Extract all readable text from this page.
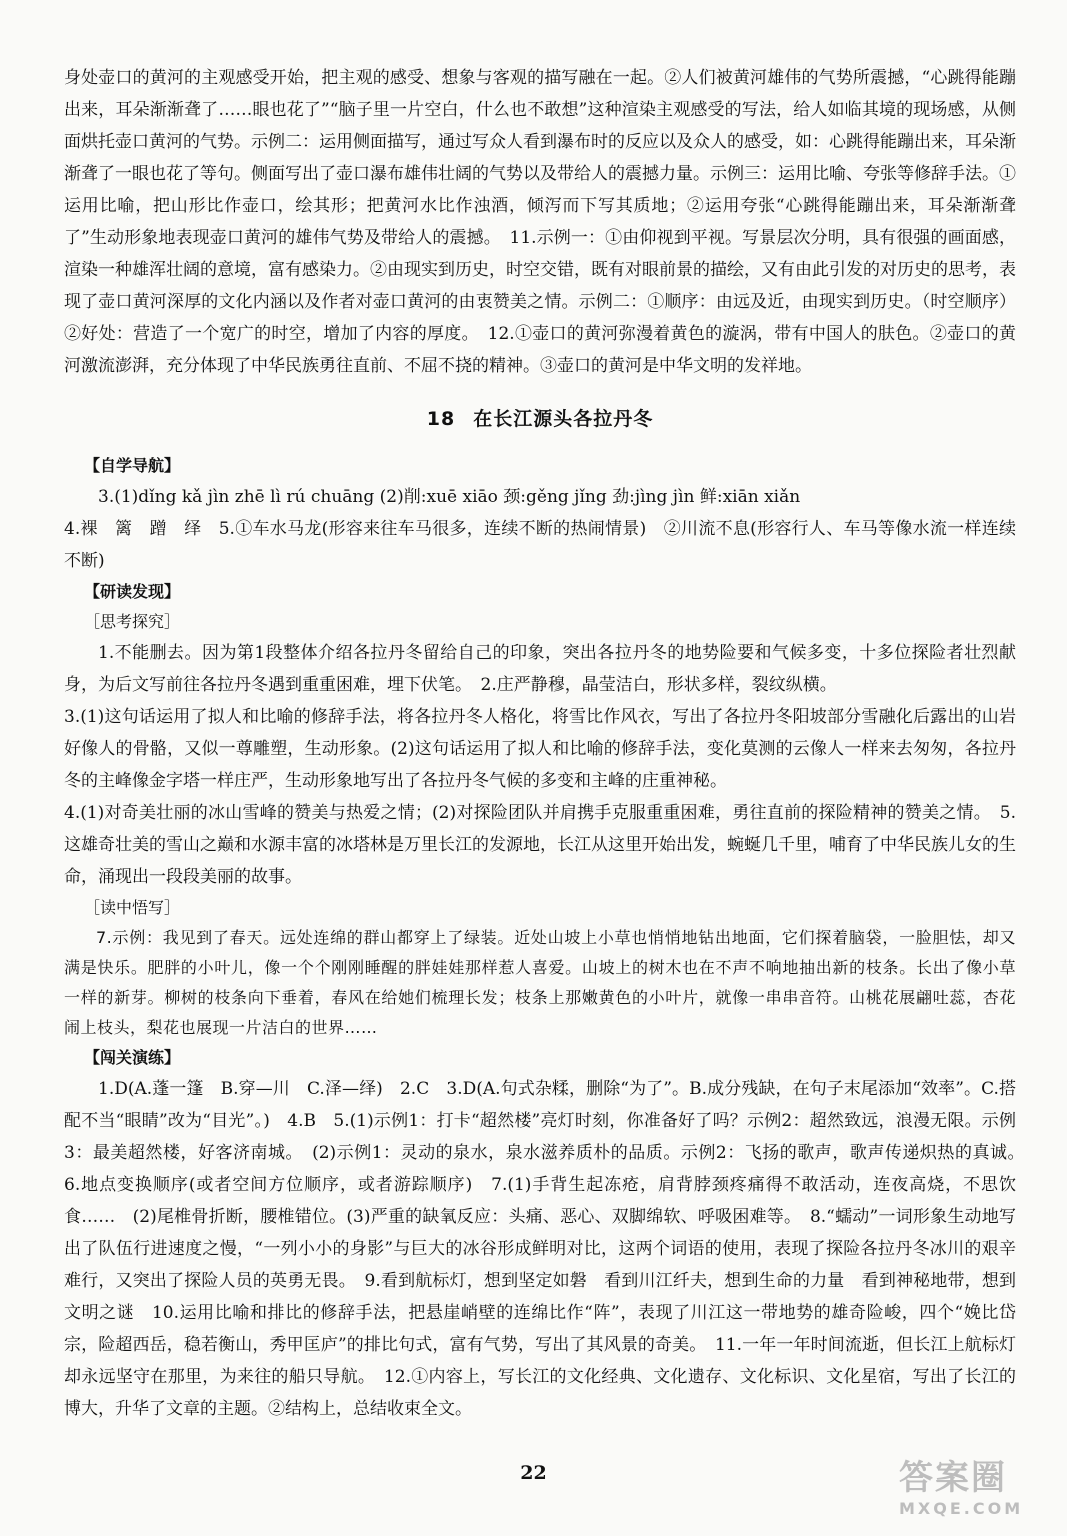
身处壶口的黄河的主观感受开始，把主观的感受、想象与客观的描写融在一起。②人们被黄河雄伟的气势所震撼，“心跳得能蹦出来，耳朵渐渐聋了……眼也花了”“脑子里一片空白，什么也不敢想”这种渲染主观感受的写法，给人如临其境的现场感，从侧面烘托壶口黄河的气势。示例二：运用侧面描写，通过写众人看到瀑布时的反应以及众人的感受，如：心跳得能蹦出来，耳朵渐渐聋了一眼也花了等句。侧面写出了壶口瀑布雄伟壮阔的气势以及带给人的震撼力量。示例三：运用比喻、夸张等修辞手法。①运用比喻，把山形比作壶口，绘其形；把黄河水比作浊酒，倾泻而下写其质地；②运用夸张“心跳得能蹦出来，耳朵渐渐聋了”生动形象地表现壶口黄河的雄伟气势及带给人的震撼。　11.示例一：①由仰视到平视。写景层次分明，具有很强的画面感，渲染一种雄浑壮阔的意境，富有感染力。②由现实到历史，时空交错，既有对眼前景的描绘，又有由此引发的对历史的思考，表现了壶口黄河深厚的文化内涵以及作者对壶口黄河的由衷赞美之情。示例二：①顺序：由远及近，由现实到历史。（时空顺序）②好处：营造了一个宽广的时空，增加了内容的厚度。　12.①壶口的黄河弥漫着黄色的漩涡，带有中国人的肤色。②壶口的黄河激流澎湃，充分体现了中华民族勇往直前、不屈不挠的精神。③壶口的黄河是中华文明的发祥地。

18 在长江源头各拉丹冬

【自学导航】

3.(1)dǐng kǎ jìn zhē lì rú chuāng (2)削:xuē xiāo 颈:gěng jǐng 劲:jìng jìn 鲜:xiān xiǎn

4.裸　篱　蹭　绎　5.①车水马龙(形容来往车马很多，连续不断的热闹情景)　②川流不息(形容行人、车马等像水流一样连续不断)

【研读发现】

［思考探究］

1.不能删去。因为第1段整体介绍各拉丹冬留给自己的印象，突出各拉丹冬的地势险要和气候多变，十多位探险者壮烈献身，为后文写前往各拉丹冬遇到重重困难，埋下伏笔。　2.庄严静穆，晶莹洁白，形状多样，裂纹纵横。

3.(1)这句话运用了拟人和比喻的修辞手法，将各拉丹冬人格化，将雪比作风衣，写出了各拉丹冬阳坡部分雪融化后露出的山岩好像人的骨骼，又似一尊雕塑，生动形象。(2)这句话运用了拟人和比喻的修辞手法，变化莫测的云像人一样来去匆匆，各拉丹冬的主峰像金字塔一样庄严，生动形象地写出了各拉丹冬气候的多变和主峰的庄重神秘。

4.(1)对奇美壮丽的冰山雪峰的赞美与热爱之情；(2)对探险团队并肩携手克服重重困难，勇往直前的探险精神的赞美之情。　5.这雄奇壮美的雪山之巅和水源丰富的冰塔林是万里长江的发源地，长江从这里开始出发，蜿蜒几千里，哺育了中华民族儿女的生命，涌现出一段段美丽的故事。

［读中悟写］

7.示例：我见到了春天。远处连绵的群山都穿上了绿装。近处山坡上小草也悄悄地钻出地面，它们探着脑袋，一脸胆怯，却又满是快乐。肥胖的小叶儿，像一个个刚刚睡醒的胖娃娃那样惹人喜爱。山坡上的树木也在不声不响地抽出新的枝条。长出了像小草一样的新芽。柳树的枝条向下垂着，春风在给她们梳理长发；枝条上那嫩黄色的小叶片，就像一串串音符。山桃花展翩吐蕊，杏花闹上枝头，梨花也展现一片洁白的世界……

【闯关演练】

1.D(A.蓬一篷　B.穿—川　C.泽—绎)　2.C　3.D(A.句式杂糅，删除“为了”。B.成分残缺，在句子末尾添加“效率”。C.搭配不当“眼睛”改为“目光”。)　4.B　5.(1)示例1：打卡“超然楼”亮灯时刻，你准备好了吗？示例2：超然致远，浪漫无限。示例3：最美超然楼，好客济南城。　(2)示例1：灵动的泉水，泉水滋养质朴的品质。示例2：飞扬的歌声，歌声传递炽热的真诚。　6.地点变换顺序(或者空间方位顺序，或者游踪顺序)　7.(1)手背生起冻疮，肩背脖颈疼痛得不敢活动，连夜高烧，不思饮食……　(2)尾椎骨折断，腰椎错位。(3)严重的缺氧反应：头痛、恶心、双脚绵软、呼吸困难等。　8.“蠕动”一词形象生动地写出了队伍行进速度之慢，“一列小小的身影”与巨大的冰谷形成鲜明对比，这两个词语的使用，表现了探险各拉丹冬冰川的艰辛难行，又突出了探险人员的英勇无畏。　9.看到航标灯，想到坚定如磐　看到川江纤夫，想到生命的力量　看到神秘地带，想到文明之谜　10.运用比喻和排比的修辞手法，把悬崖峭壁的连绵比作“阵”，表现了川江这一带地势的雄奇险峻，四个“娩比岱宗，险超西岳，稳若衡山，秀甲匡庐”的排比句式，富有气势，写出了其风景的奇美。　11.一年一年时间流逝，但长江上航标灯却永远坚守在那里，为来往的船只导航。　12.①内容上，写长江的文化经典、文化遗存、文化标识、文化星宿，写出了长江的博大，升华了文章的主题。②结构上，总结收束全文。

22	答案圈
MXQE.COM
